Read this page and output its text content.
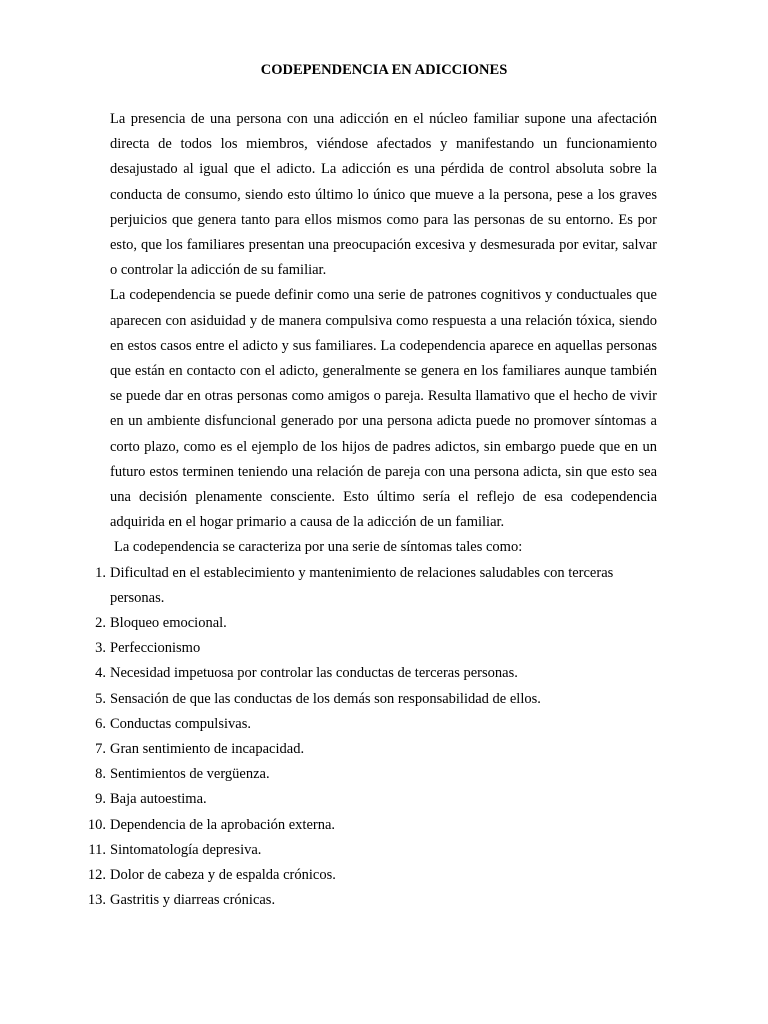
CODEPENDENCIA EN ADICCIONES

La presencia de una persona con una adicción en el núcleo familiar supone una afectación directa de todos los miembros, viéndose afectados y manifestando un funcionamiento desajustado al igual que el adicto. La adicción es una pérdida de control absoluta sobre la conducta de consumo, siendo esto último lo único que mueve a la persona, pese a los graves perjuicios que genera tanto para ellos mismos como para las personas de su entorno. Es por esto, que los familiares presentan una preocupación excesiva y desmesurada por evitar, salvar o controlar la adicción de su familiar.

La codependencia se puede definir como una serie de patrones cognitivos y conductuales que aparecen con asiduidad y de manera compulsiva como respuesta a una relación tóxica, siendo en estos casos entre el adicto y sus familiares. La codependencia aparece en aquellas personas que están en contacto con el adicto, generalmente se genera en los familiares aunque también se puede dar en otras personas como amigos o pareja. Resulta llamativo que el hecho de vivir en un ambiente disfuncional generado por una persona adicta puede no promover síntomas a corto plazo, como es el ejemplo de los hijos de padres adictos, sin embargo puede que en un futuro estos terminen teniendo una relación de pareja con una persona adicta, sin que esto sea una decisión plenamente consciente. Esto último sería el reflejo de esa codependencia adquirida en el hogar primario a causa de la adicción de un familiar.

La codependencia se caracteriza por una serie de síntomas tales como:

1. Dificultad en el establecimiento y mantenimiento de relaciones saludables con terceras personas.
2. Bloqueo emocional.
3. Perfeccionismo
4. Necesidad impetuosa por controlar las conductas de terceras personas.
5. Sensación de que las conductas de los demás son responsabilidad de ellos.
6. Conductas compulsivas.
7. Gran sentimiento de incapacidad.
8. Sentimientos de vergüenza.
9. Baja autoestima.
10. Dependencia de la aprobación externa.
11. Sintomatología depresiva.
12. Dolor de cabeza y de espalda crónicos.
13. Gastritis y diarreas crónicas.
